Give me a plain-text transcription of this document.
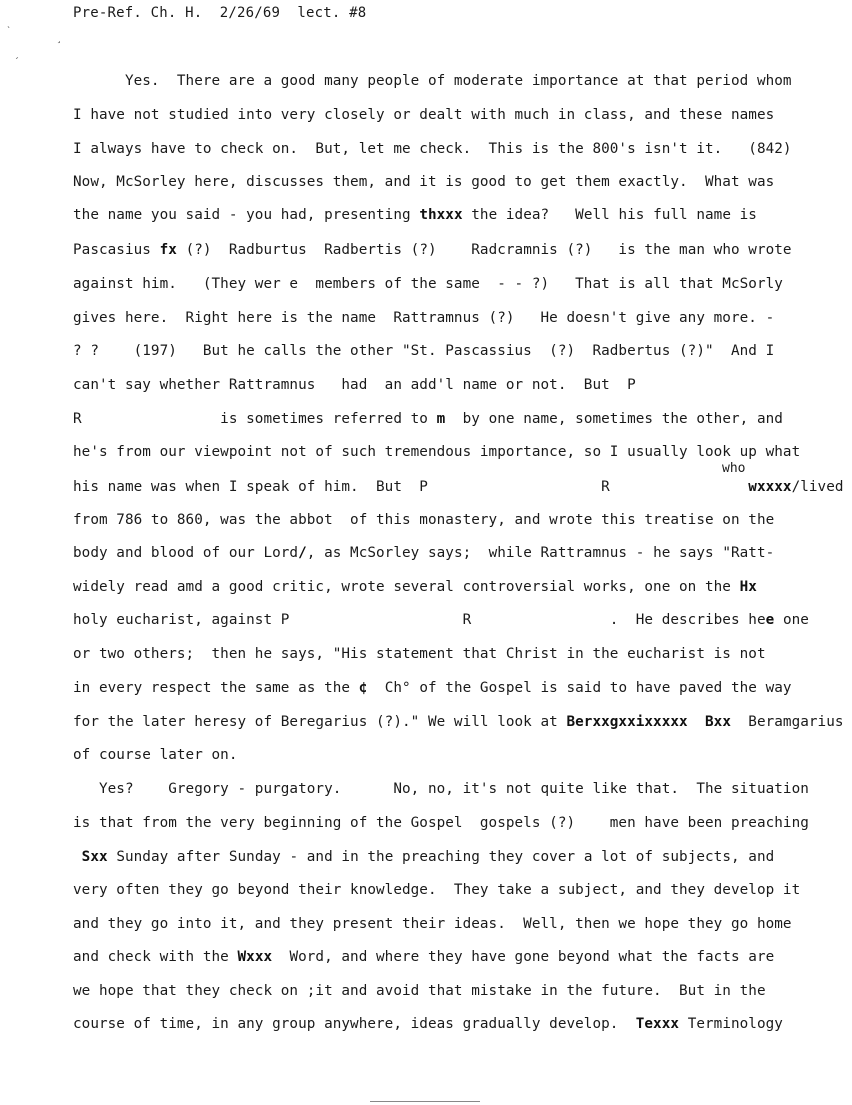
Pre-Ref. Ch. H.  2/26/69  lect. #8
ˋ
¸
ˏ
Yes.  There are a good many people of moderate importance at that period whom
I have not studied into very closely or dealt with much in class, and these names
I always have to check on.  But, let me check.  This is the 800's isn't it.   (842)
Now, McSorley here, discusses them, and it is good to get them exactly.  What was
the name you said - you had, presenting thxxx the idea?   Well his full name is
Pascasius fx (?)  Radburtus  Radbertis (?)    Radcramnis (?)   is the man who wrote
against him.   (They wer e  members of the same  - - ?)   That is all that McSorly
gives here.  Right here is the name  Rattramnus (?)   He doesn't give any more. -
? ?    (197)   But he calls the other "St. Pascassius  (?)  Radbertus (?)"  And I
can't say whether Rattramnus   had  an add'l name or not.  But  P
R                is sometimes referred to m  by one name, sometimes the other, and
he's from our viewpoint not of such tremendous importance, so I usually look up what
who
his name was when I speak of him.  But  P                    R                wxxxx/lived
from 786 to 860, was the abbot  of this monastery, and wrote this treatise on the
body and blood of our Lord/, as McSorley says;  while Rattramnus - he says "Ratt-
widely read amd a good critic, wrote several controversial works, one on the Hx
holy eucharist, against P                    R                .  He describes hee one
or two others;  then he says, "His statement that Christ in the eucharist is not
in every respect the same as the ¢  Ch° of the Gospel is said to have paved the way
for the later heresy of Beregarius (?)." We will look at Berxxgxxixxxxx  Bxx  Beramgarius
of course later on.
Yes?    Gregory - purgatory.      No, no, it's not quite like that.  The situation
is that from the very beginning of the Gospel  gospels (?)    men have been preaching
Sxx Sunday after Sunday - and in the preaching they cover a lot of subjects, and
very often they go beyond their knowledge.  They take a subject, and they develop it
and they go into it, and they present their ideas.  Well, then we hope they go home
and check with the Wxxx  Word, and where they have gone beyond what the facts are
we hope that they check on ;it and avoid that mistake in the future.  But in the
course of time, in any group anywhere, ideas gradually develop.  Texxx Terminology
